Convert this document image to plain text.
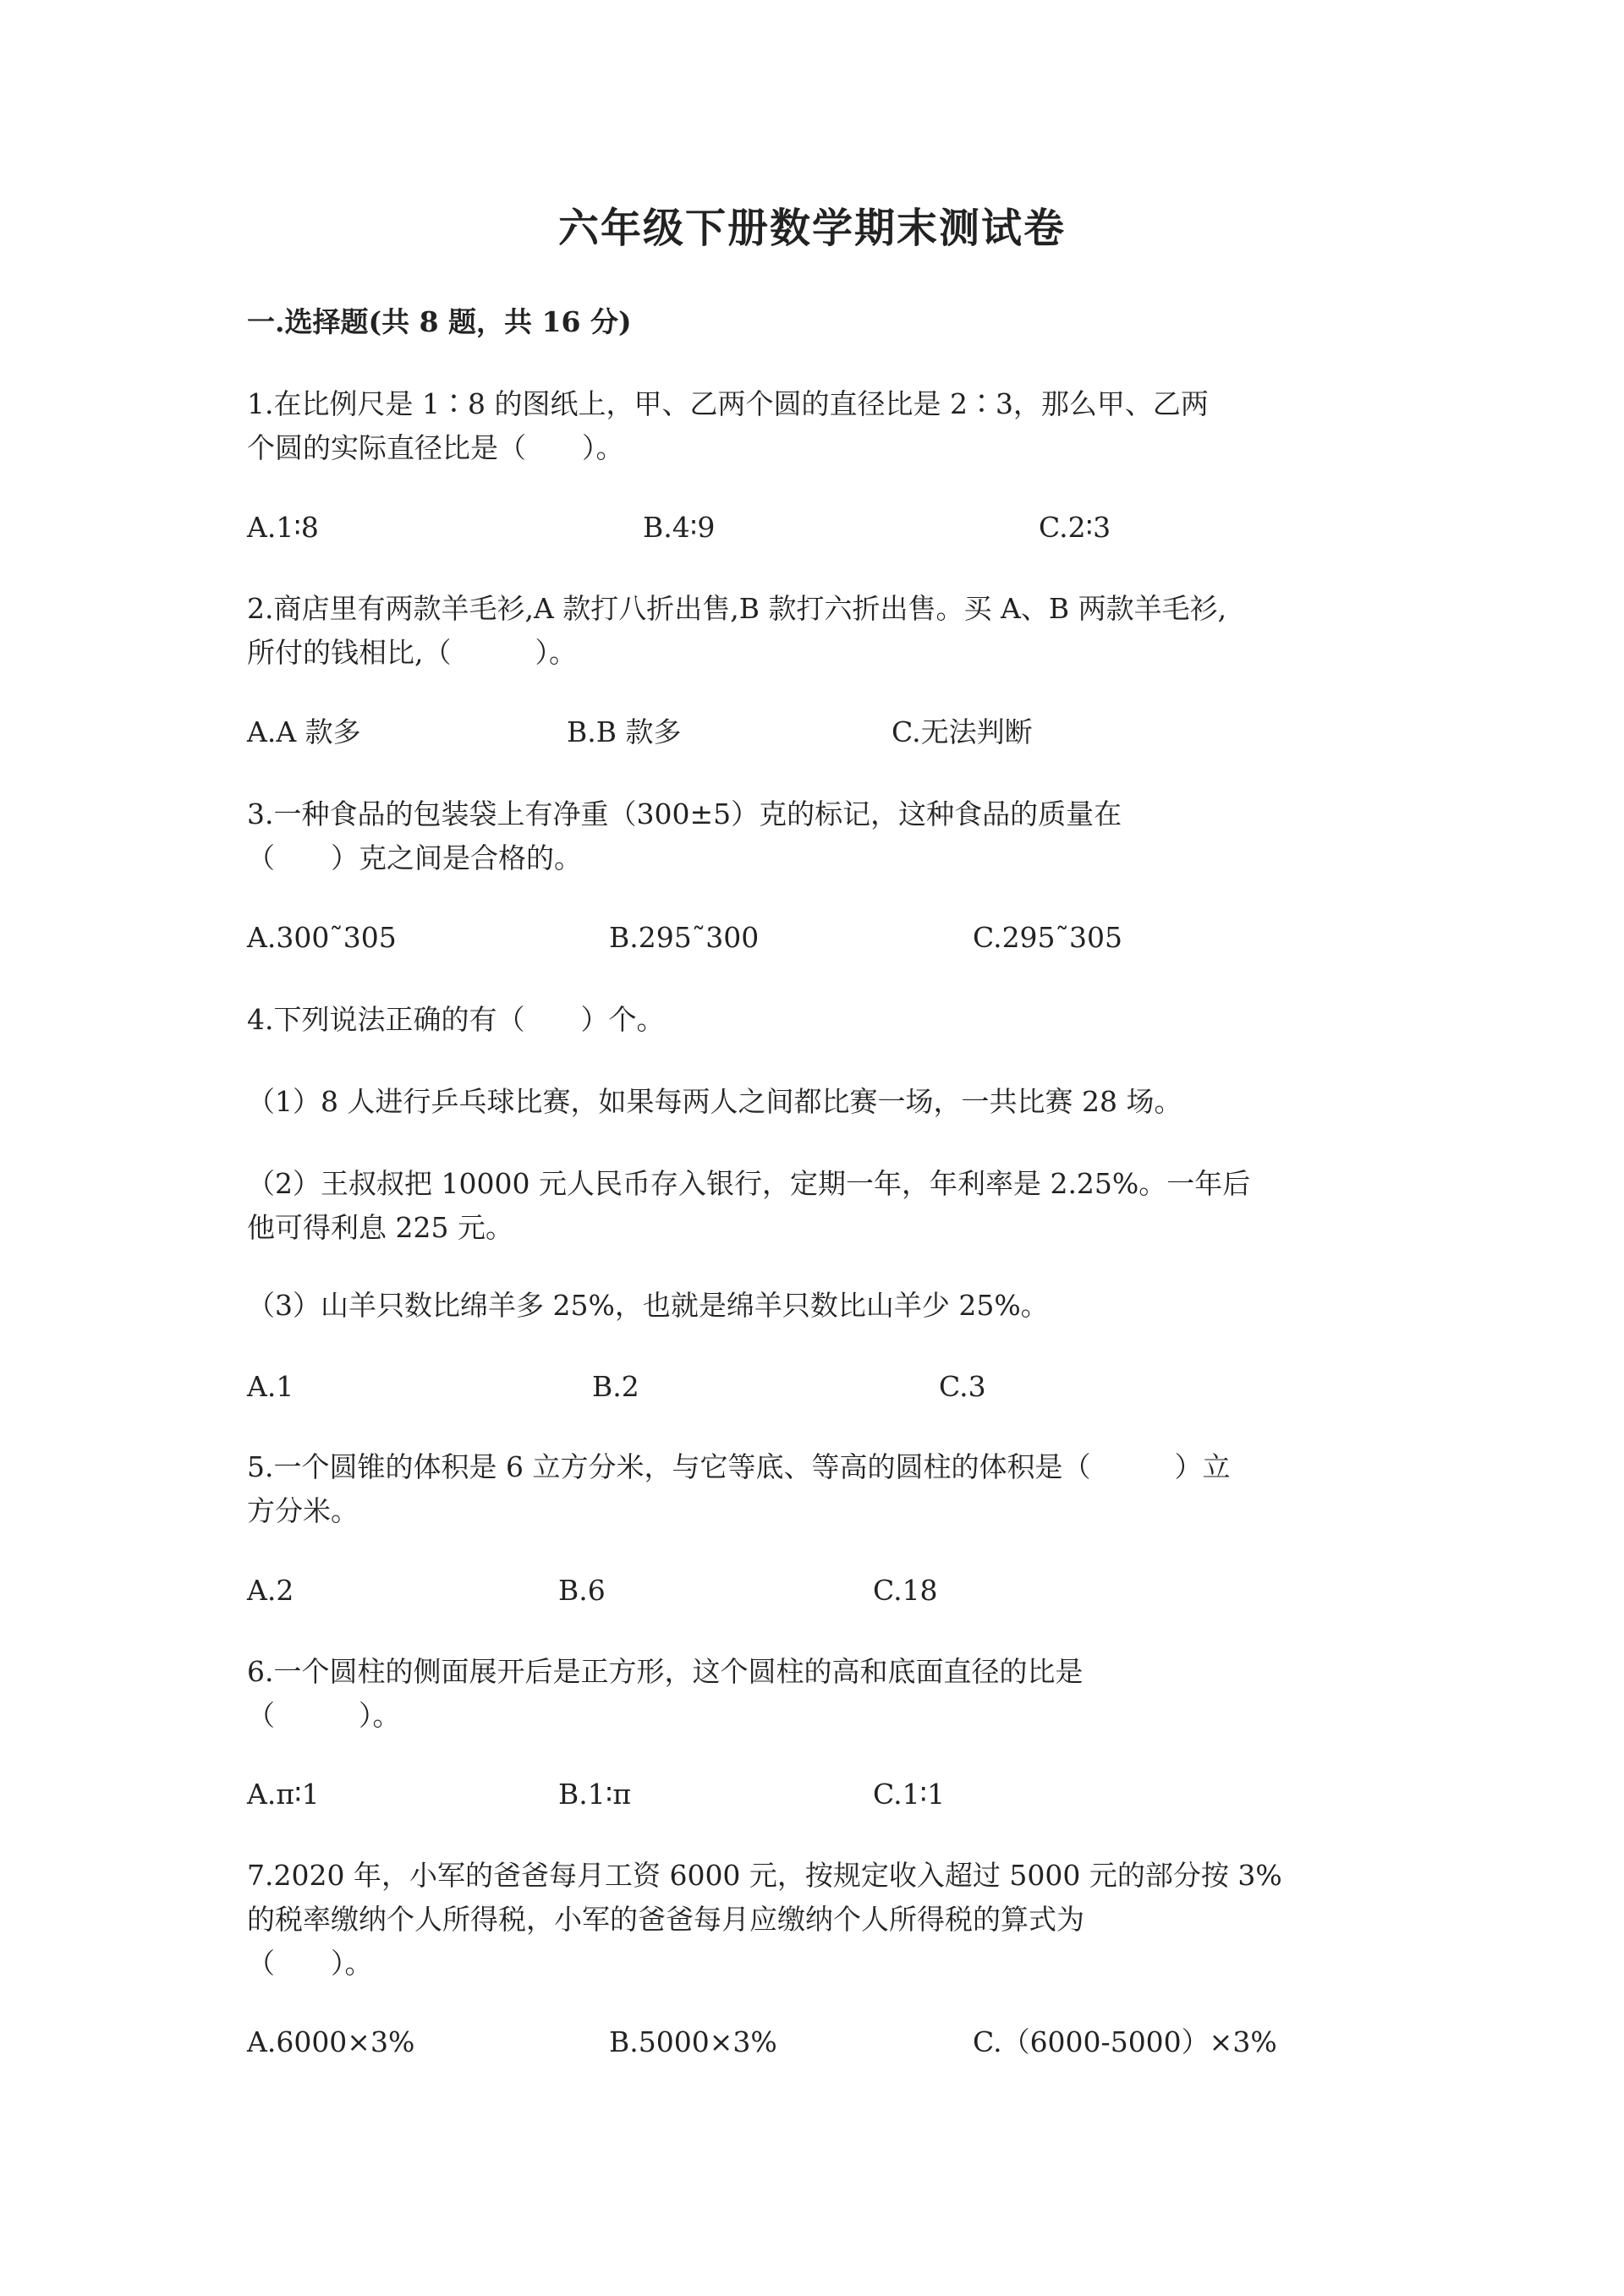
六年级下册数学期末测试卷
一.选择题(共 8 题，共 16 分)

1.在比例尺是 1∶8 的图纸上，甲、乙两个圆的直径比是 2∶3，那么甲、乙两

个圆的实际直径比是（　　）。

A.1∶8	B.4∶9	C.2∶3

2.商店里有两款羊毛衫,A 款打八折出售,B 款打六折出售。买 A、B 两款羊毛衫,

所付的钱相比,（　　　）。

A.A 款多	B.B 款多	C.无法判断

3.一种食品的包装袋上有净重（300±5）克的标记，这种食品的质量在

（　　）克之间是合格的。

A.300˜305	B.295˜300	C.295˜305

4.下列说法正确的有（　　）个。

（1）8 人进行乒乓球比赛，如果每两人之间都比赛一场，一共比赛 28 场。

（2）王叔叔把 10000 元人民币存入银行，定期一年，年利率是 2.25%。一年后

他可得利息 225 元。

（3）山羊只数比绵羊多 25%，也就是绵羊只数比山羊少 25%。

A.1	B.2	C.3

5.一个圆锥的体积是 6 立方分米，与它等底、等高的圆柱的体积是（　　　）立

方分米。

A.2	B.6	C.18

6.一个圆柱的侧面展开后是正方形，这个圆柱的高和底面直径的比是

（　　　）。

A.π∶1	B.1∶π	C.1∶1

7.2020 年，小军的爸爸每月工资 6000 元，按规定收入超过 5000 元的部分按 3%

的税率缴纳个人所得税，小军的爸爸每月应缴纳个人所得税的算式为

（　　）。

A.6000×3%	B.5000×3%	C.（6000-5000）×3%
